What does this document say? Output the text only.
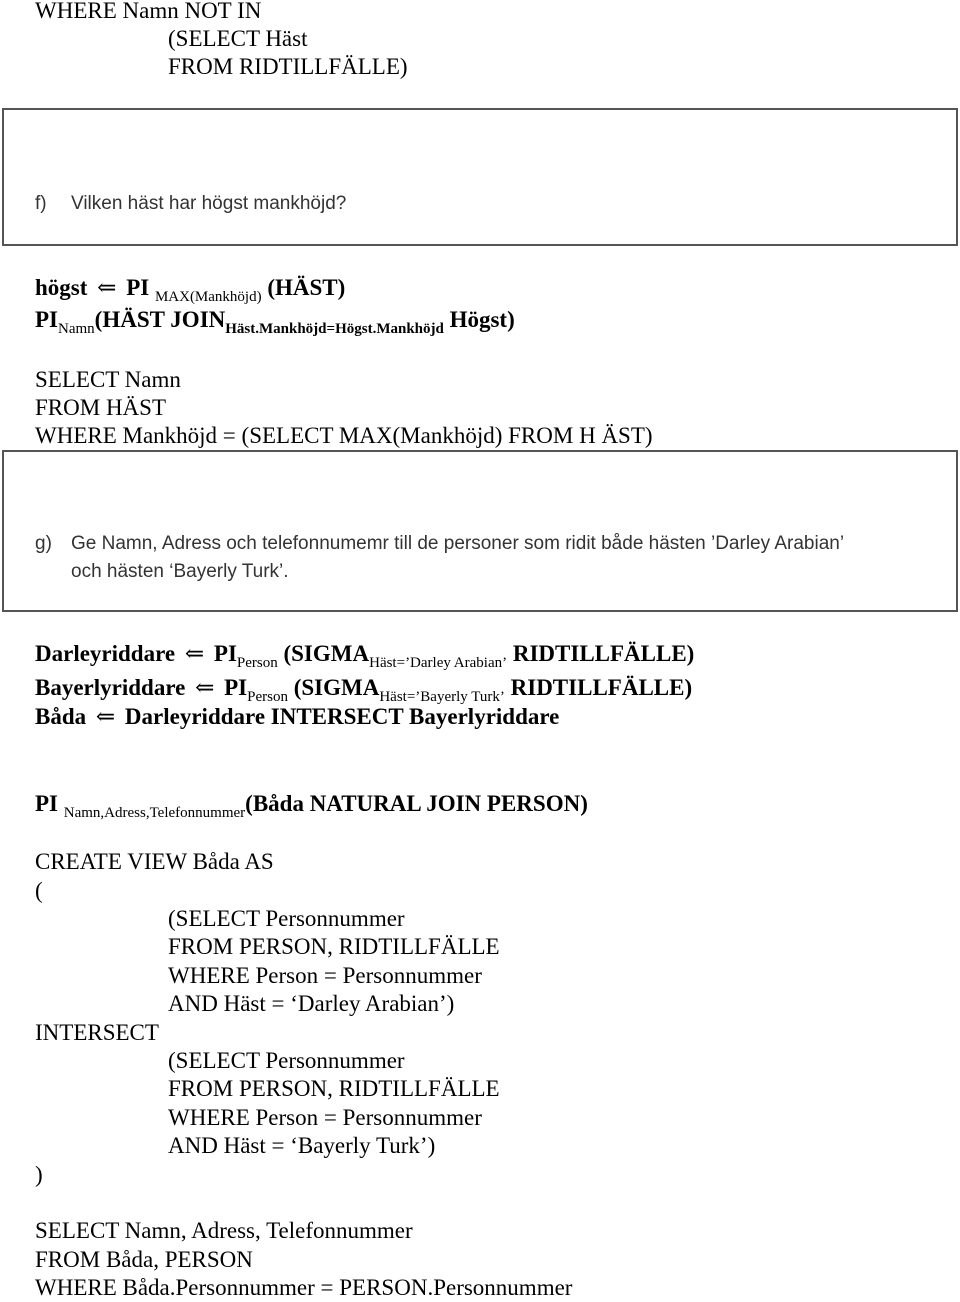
WHERE Namn NOT IN
(SELECT Häst
FROM RIDTILLFÄLLE)
f) Vilken häst har högst mankhöjd?
högst ⇐ PI $_{MAX(Mankhöjd)}$ (HÄST)
$PI_{Namn}(HÄST$ $JOIN_{Häst.Mankhöjd=Högst.Mankhöjd}$ Högst)
SELECT Namn
FROM HÄST
WHERE Mankhöjd = (SELECT MAX(Mankhöjd) FROM H ÄST)
g) Ge Namn, Adress och telefonnumemr till de personer som ridit både hästen ’Darley Arabian’
och hästen ‘Bayerly Turk’.
Darleyriddare ⇐ $PI_{Person}$ ($SIGMA_{Häst=’Darley Arabian’}$ RIDTILLFÄLLE)
Bayerlyriddare ⇐ $PI_{Person}$ ($SIGMA_{Häst=’Bayerly Turk’}$ RIDTILLFÄLLE)
Båda ⇐ Darleyriddare INTERSECT Bayerlyriddare
PI $_{Namn,Adress,Telefonnummer}$(Båda NATURAL JOIN PERSON)
CREATE VIEW Båda AS
(
(SELECT Personnummer
FROM PERSON, RIDTILLFÄLLE
WHERE Person = Personnummer
AND Häst = ‘Darley Arabian’)
INTERSECT
(SELECT Personnummer
FROM PERSON, RIDTILLFÄLLE
WHERE Person = Personnummer
AND Häst = ‘Bayerly Turk’)
)
SELECT Namn, Adress, Telefonnummer
FROM Båda, PERSON
WHERE Båda.Personnummer = PERSON.Personnummer
